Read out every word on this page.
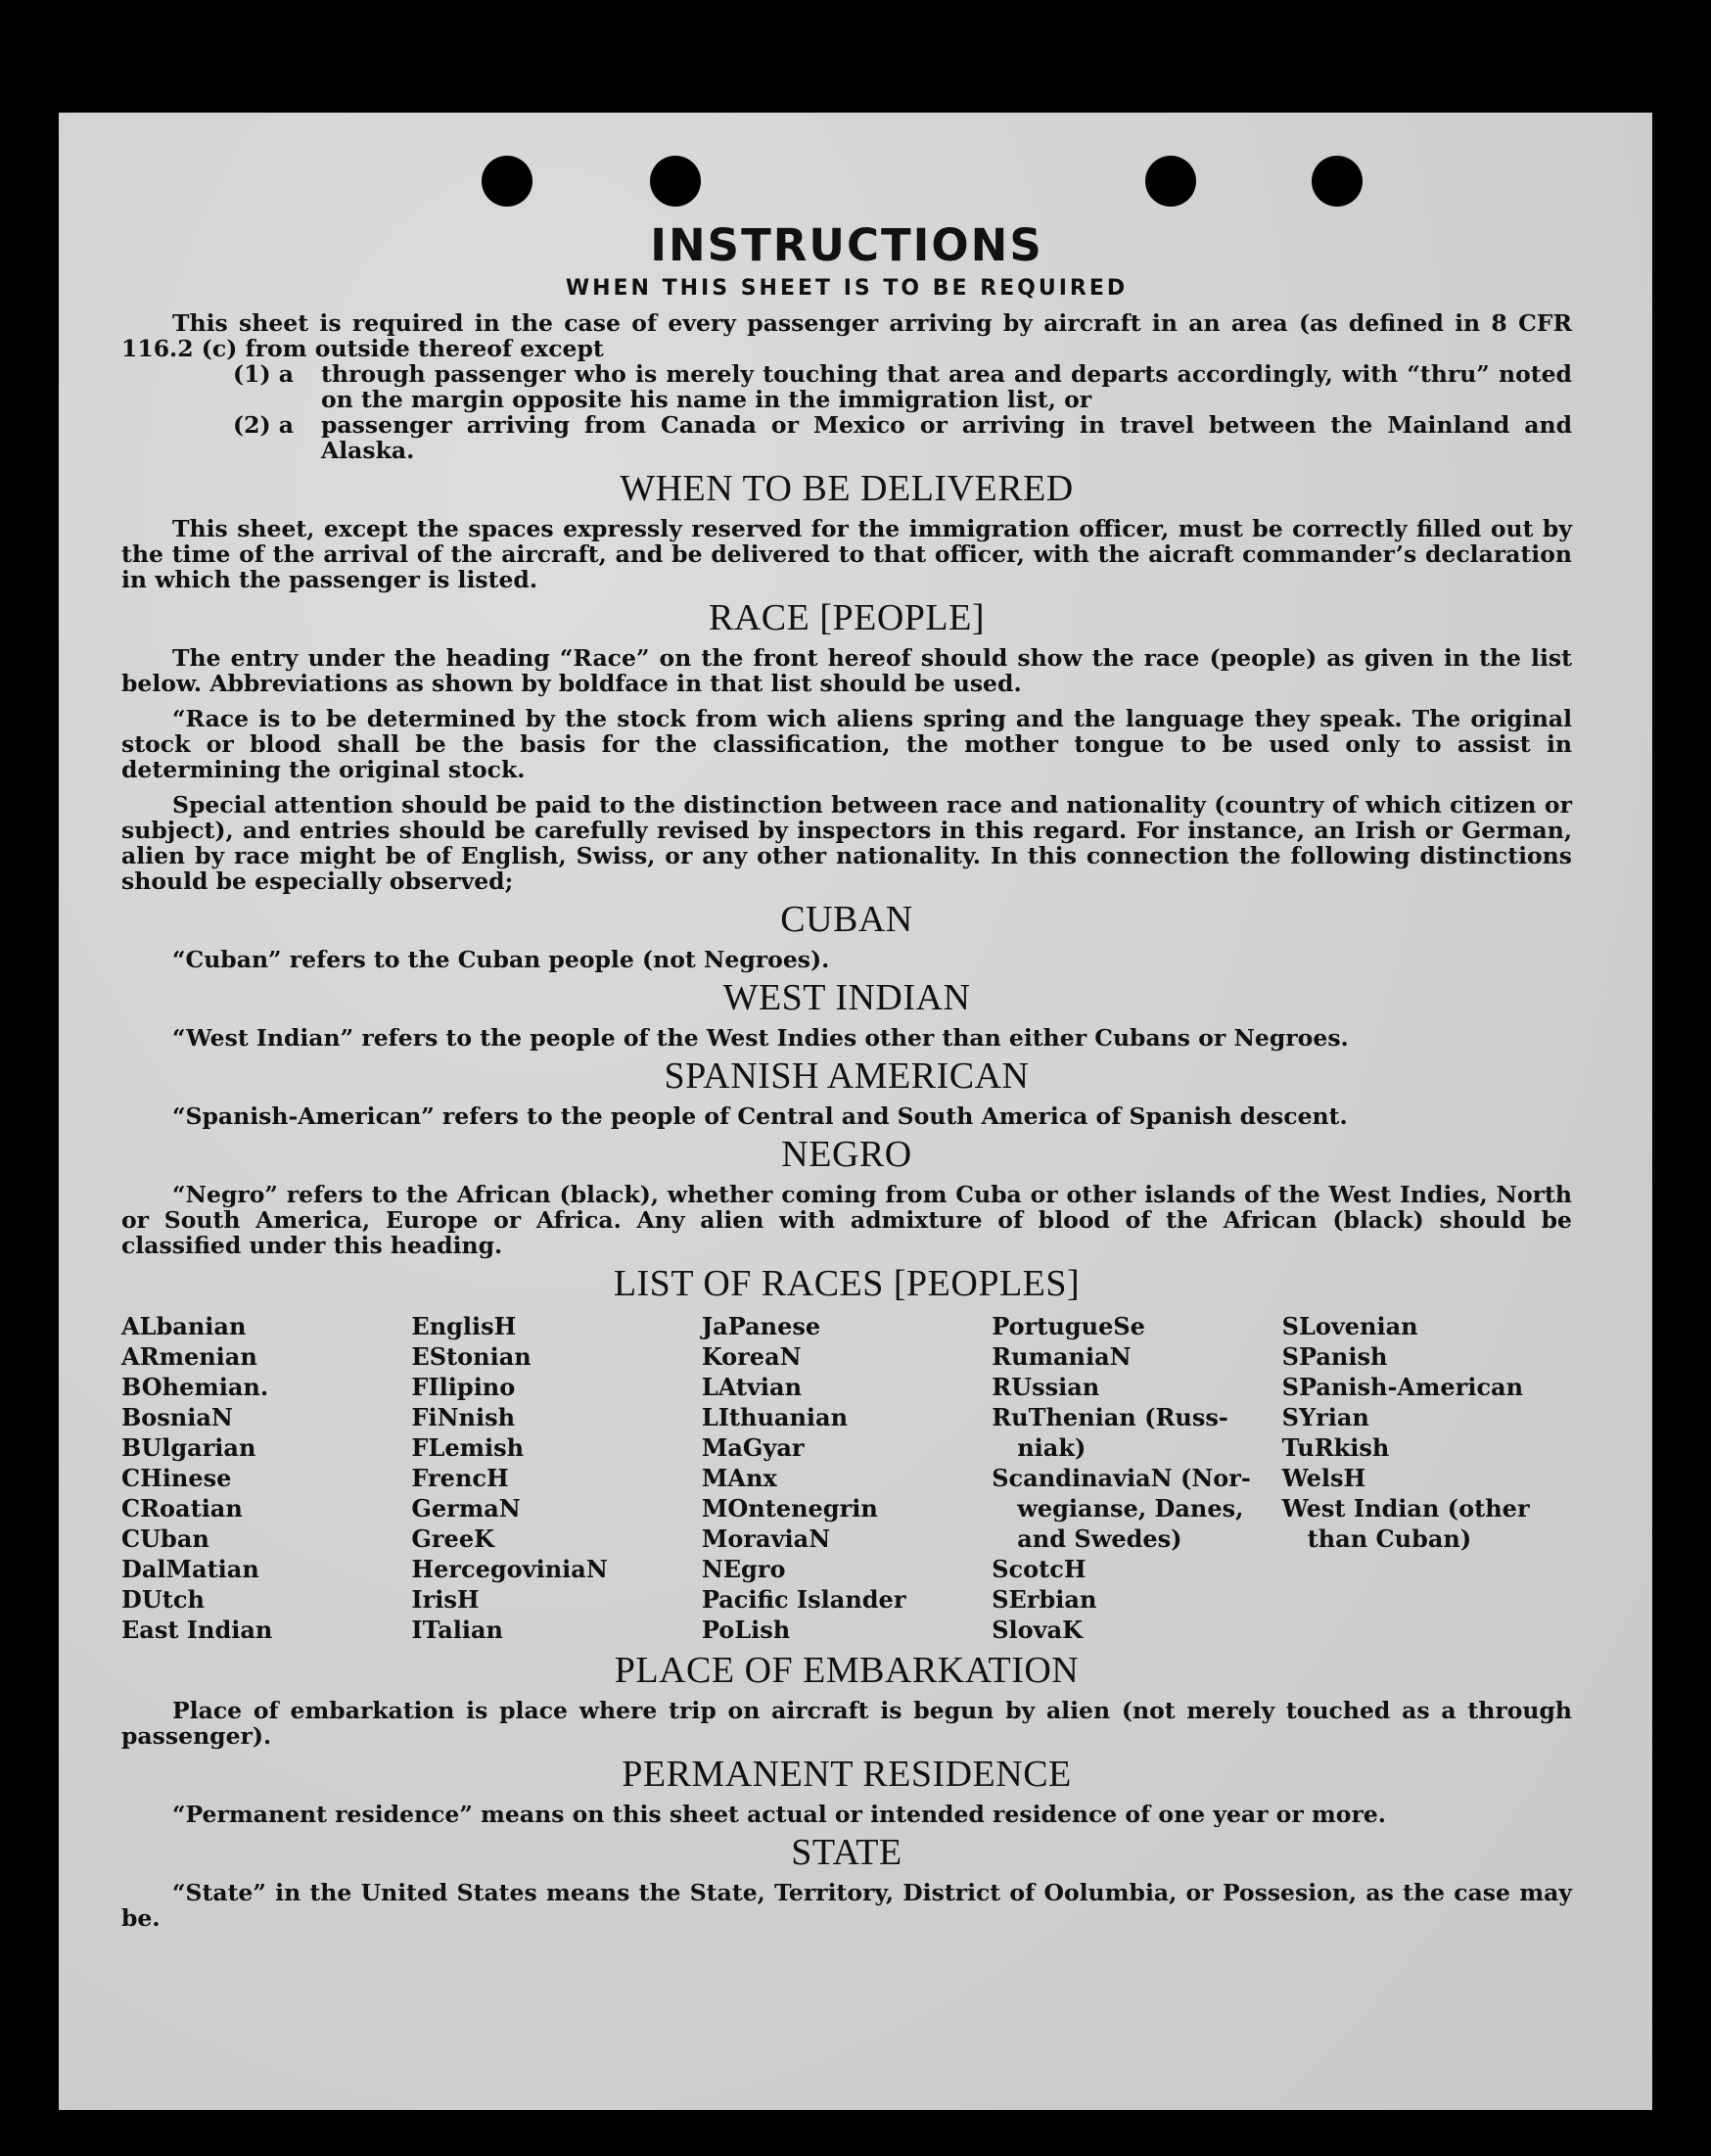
INSTRUCTIONS
WHEN THIS SHEET IS TO BE REQUIRED

This sheet is required in the case of every passenger arriving by aircraft in an area (as defined in 8 CFR 116.2 (c) from outside thereof except

(1) a through passenger who is merely touching that area and departs accordingly, with “thru” noted on the margin opposite his name in the immigration list, or

(2) a passenger arriving from Canada or Mexico or arriving in travel between the Mainland and Alaska.

WHEN TO BE DELIVERED

This sheet, except the spaces expressly reserved for the immigration officer, must be correctly filled out by the time of the arrival of the aircraft, and be delivered to that officer, with the aicraft commander’s declaration in which the passenger is listed.

RACE [PEOPLE]

The entry under the heading “Race” on the front hereof should show the race (people) as given in the list below. Abbreviations as shown by boldface in that list should be used.

“Race is to be determined by the stock from wich aliens spring and the language they speak. The original stock or blood shall be the basis for the classification, the mother tongue to be used only to assist in determining the original stock.

Special attention should be paid to the distinction between race and nationality (country of which citizen or subject), and entries should be carefully revised by inspectors in this regard. For instance, an Irish or German, alien by race might be of English, Swiss, or any other nationality. In this connection the following distinctions should be especially observed;

CUBAN

“Cuban” refers to the Cuban people (not Negroes).

WEST INDIAN

“West Indian” refers to the people of the West Indies other than either Cubans or Negroes.

SPANISH AMERICAN

“Spanish-American” refers to the people of Central and South America of Spanish descent.

NEGRO

“Negro” refers to the African (black), whether coming from Cuba or other islands of the West Indies, North or South America, Europe or Africa. Any alien with admixture of blood of the African (black) should be classified under this heading.

LIST OF RACES [PEOPLES]
ALbanian
ARmenian
BOhemian.
BosniaN
BUlgarian
CHinese
CRoatian
CUban
DalMatian
DUtch
East Indian
EnglisH
EStonian
FIlipino
FiNnish
FLemish
FrencH
GermaN
GreeK
HercegoviniaN
IrisH
ITalian
JaPanese
KoreaN
LAtvian
LIthuanian
MaGyar
MAnx
MOntenegrin
MoraviaN
NEgro
Pacific Islander
PoLish
PortugueSe
RumaniaN
RUssian
RuThenian (Russ-
niak)
ScandinaviaN (Nor-
wegianse, Danes,
and Swedes)
ScotcH
SErbian
SlovaK
SLovenian
SPanish
SPanish-American
SYrian
TuRkish
WelsH
West Indian (other
than Cuban)
PLACE OF EMBARKATION

Place of embarkation is place where trip on aircraft is begun by alien (not merely touched as a through passenger).

PERMANENT RESIDENCE

“Permanent residence” means on this sheet actual or intended residence of one year or more.

STATE

“State” in the United States means the State, Territory, District of Oolumbia, or Possesion, as the case may be.
